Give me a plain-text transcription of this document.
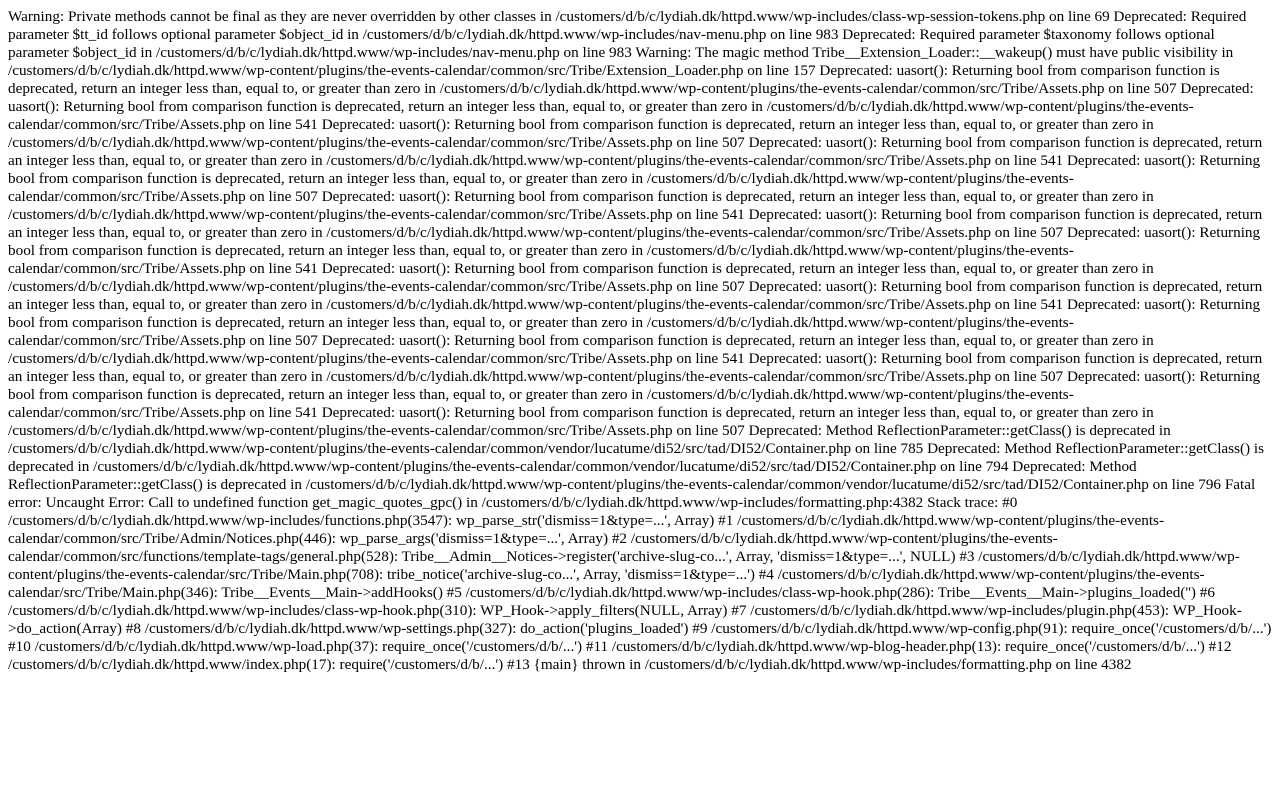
Warning: Private methods cannot be final as they are never overridden by other classes in /customers/d/b/c/lydiah.dk/httpd.www/wp-includes/class-wp-session-tokens.php on line 69 Deprecated: Required parameter $tt_id follows optional parameter $object_id in /customers/d/b/c/lydiah.dk/httpd.www/wp-includes/nav-menu.php on line 983 Deprecated: Required parameter $taxonomy follows optional parameter $object_id in /customers/d/b/c/lydiah.dk/httpd.www/wp-includes/nav-menu.php on line 983 Warning: The magic method Tribe__Extension_Loader::__wakeup() must have public visibility in /customers/d/b/c/lydiah.dk/httpd.www/wp-content/plugins/the-events-calendar/common/src/Tribe/Extension_Loader.php on line 157 Deprecated: uasort(): Returning bool from comparison function is deprecated, return an integer less than, equal to, or greater than zero in /customers/d/b/c/lydiah.dk/httpd.www/wp-content/plugins/the-events-calendar/common/src/Tribe/Assets.php on line 507 Deprecated: uasort(): Returning bool from comparison function is deprecated, return an integer less than, equal to, or greater than zero in /customers/d/b/c/lydiah.dk/httpd.www/wp-content/plugins/the-events-calendar/common/src/Tribe/Assets.php on line 541 Deprecated: uasort(): Returning bool from comparison function is deprecated, return an integer less than, equal to, or greater than zero in /customers/d/b/c/lydiah.dk/httpd.www/wp-content/plugins/the-events-calendar/common/src/Tribe/Assets.php on line 507 Deprecated: uasort(): Returning bool from comparison function is deprecated, return an integer less than, equal to, or greater than zero in /customers/d/b/c/lydiah.dk/httpd.www/wp-content/plugins/the-events-calendar/common/src/Tribe/Assets.php on line 541 Deprecated: uasort(): Returning bool from comparison function is deprecated, return an integer less than, equal to, or greater than zero in /customers/d/b/c/lydiah.dk/httpd.www/wp-content/plugins/the-events-calendar/common/src/Tribe/Assets.php on line 507 Deprecated: uasort(): Returning bool from comparison function is deprecated, return an integer less than, equal to, or greater than zero in /customers/d/b/c/lydiah.dk/httpd.www/wp-content/plugins/the-events-calendar/common/src/Tribe/Assets.php on line 541 Deprecated: uasort(): Returning bool from comparison function is deprecated, return an integer less than, equal to, or greater than zero in /customers/d/b/c/lydiah.dk/httpd.www/wp-content/plugins/the-events-calendar/common/src/Tribe/Assets.php on line 507 Deprecated: uasort(): Returning bool from comparison function is deprecated, return an integer less than, equal to, or greater than zero in /customers/d/b/c/lydiah.dk/httpd.www/wp-content/plugins/the-events-calendar/common/src/Tribe/Assets.php on line 541 Deprecated: uasort(): Returning bool from comparison function is deprecated, return an integer less than, equal to, or greater than zero in /customers/d/b/c/lydiah.dk/httpd.www/wp-content/plugins/the-events-calendar/common/src/Tribe/Assets.php on line 507 Deprecated: uasort(): Returning bool from comparison function is deprecated, return an integer less than, equal to, or greater than zero in /customers/d/b/c/lydiah.dk/httpd.www/wp-content/plugins/the-events-calendar/common/src/Tribe/Assets.php on line 541 Deprecated: uasort(): Returning bool from comparison function is deprecated, return an integer less than, equal to, or greater than zero in /customers/d/b/c/lydiah.dk/httpd.www/wp-content/plugins/the-events-calendar/common/src/Tribe/Assets.php on line 507 Deprecated: uasort(): Returning bool from comparison function is deprecated, return an integer less than, equal to, or greater than zero in /customers/d/b/c/lydiah.dk/httpd.www/wp-content/plugins/the-events-calendar/common/src/Tribe/Assets.php on line 541 Deprecated: uasort(): Returning bool from comparison function is deprecated, return an integer less than, equal to, or greater than zero in /customers/d/b/c/lydiah.dk/httpd.www/wp-content/plugins/the-events-calendar/common/src/Tribe/Assets.php on line 507 Deprecated: uasort(): Returning bool from comparison function is deprecated, return an integer less than, equal to, or greater than zero in /customers/d/b/c/lydiah.dk/httpd.www/wp-content/plugins/the-events-calendar/common/src/Tribe/Assets.php on line 541 Deprecated: uasort(): Returning bool from comparison function is deprecated, return an integer less than, equal to, or greater than zero in /customers/d/b/c/lydiah.dk/httpd.www/wp-content/plugins/the-events-calendar/common/src/Tribe/Assets.php on line 507 Deprecated: Method ReflectionParameter::getClass() is deprecated in /customers/d/b/c/lydiah.dk/httpd.www/wp-content/plugins/the-events-calendar/common/vendor/lucatume/di52/src/tad/DI52/Container.php on line 785 Deprecated: Method ReflectionParameter::getClass() is deprecated in /customers/d/b/c/lydiah.dk/httpd.www/wp-content/plugins/the-events-calendar/common/vendor/lucatume/di52/src/tad/DI52/Container.php on line 794 Deprecated: Method ReflectionParameter::getClass() is deprecated in /customers/d/b/c/lydiah.dk/httpd.www/wp-content/plugins/the-events-calendar/common/vendor/lucatume/di52/src/tad/DI52/Container.php on line 796 Fatal error: Uncaught Error: Call to undefined function get_magic_quotes_gpc() in /customers/d/b/c/lydiah.dk/httpd.www/wp-includes/formatting.php:4382 Stack trace: #0 /customers/d/b/c/lydiah.dk/httpd.www/wp-includes/functions.php(3547): wp_parse_str('dismiss=1&type=...', Array) #1 /customers/d/b/c/lydiah.dk/httpd.www/wp-content/plugins/the-events-calendar/common/src/Tribe/Admin/Notices.php(446): wp_parse_args('dismiss=1&type=...', Array) #2 /customers/d/b/c/lydiah.dk/httpd.www/wp-content/plugins/the-events-calendar/common/src/functions/template-tags/general.php(528): Tribe__Admin__Notices->register('archive-slug-co...', Array, 'dismiss=1&type=...', NULL) #3 /customers/d/b/c/lydiah.dk/httpd.www/wp-content/plugins/the-events-calendar/src/Tribe/Main.php(708): tribe_notice('archive-slug-co...', Array, 'dismiss=1&type=...') #4 /customers/d/b/c/lydiah.dk/httpd.www/wp-content/plugins/the-events-calendar/src/Tribe/Main.php(346): Tribe__Events__Main->addHooks() #5 /customers/d/b/c/lydiah.dk/httpd.www/wp-includes/class-wp-hook.php(286): Tribe__Events__Main->plugins_loaded('') #6 /customers/d/b/c/lydiah.dk/httpd.www/wp-includes/class-wp-hook.php(310): WP_Hook->apply_filters(NULL, Array) #7 /customers/d/b/c/lydiah.dk/httpd.www/wp-includes/plugin.php(453): WP_Hook->do_action(Array) #8 /customers/d/b/c/lydiah.dk/httpd.www/wp-settings.php(327): do_action('plugins_loaded') #9 /customers/d/b/c/lydiah.dk/httpd.www/wp-config.php(91): require_once('/customers/d/b/...') #10 /customers/d/b/c/lydiah.dk/httpd.www/wp-load.php(37): require_once('/customers/d/b/...') #11 /customers/d/b/c/lydiah.dk/httpd.www/wp-blog-header.php(13): require_once('/customers/d/b/...') #12 /customers/d/b/c/lydiah.dk/httpd.www/index.php(17): require('/customers/d/b/...') #13 {main} thrown in /customers/d/b/c/lydiah.dk/httpd.www/wp-includes/formatting.php on line 4382
